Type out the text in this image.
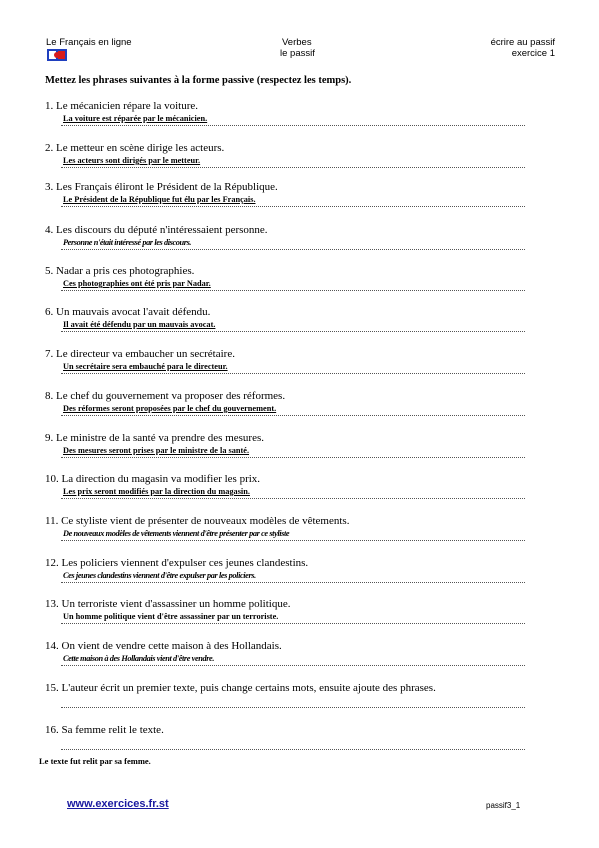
Le Français en ligne	Verbes
le passif
écrire au passif
exercice 1
Mettez les phrases suivantes à la forme passive (respectez les temps).
1. Le mécanicien répare la voiture.
La voiture est réparée par le mécanicien.
2. Le metteur en scène dirige les acteurs.
Les acteurs sont dirigés par le metteur.
3. Les Français éliront le Président de la République.
Le Président de la République fut élu par les Français.
4. Les discours du député n'intéressaient personne.
Personne n'était intéressé par les discours.
5. Nadar a pris ces photographies.
Ces photographies ont été pris par Nadar.
6. Un mauvais avocat l'avait défendu.
Il avait été défendu par un mauvais avocat.
7. Le directeur va embaucher un secrétaire.
Un secrétaire sera embauché para le directeur.
8. Le chef du gouvernement va proposer des réformes.
Des réformes seront proposées par le chef du gouvernement.
9. Le ministre de la santé va prendre des mesures.
Des mesures seront prises par le ministre de la santé.
10. La direction du magasin va modifier les prix.
Les prix seront modifiés par la direction du magasin.
11. Ce styliste vient de présenter de nouveaux modèles de vêtements.
De nouveaux modèles de vêtements viennent d'être présenter par ce styliste
12. Les policiers viennent d'expulser ces jeunes clandestins.
Ces jeunes clandestins viennent d'être expulser par les policiers.
13. Un terroriste vient d'assassiner un homme politique.
Un homme politique vient d'être assassiner par un terroriste.
14. On vient de vendre cette maison à des Hollandais.
Cette maison à des Hollandais vient d'être vendre.
15. L'auteur écrit un premier texte, puis change certains mots, ensuite ajoute des phrases.
16. Sa femme relit le texte.
Le texte fut relit par sa femme.
www.exercices.fr.st	passif3_1
